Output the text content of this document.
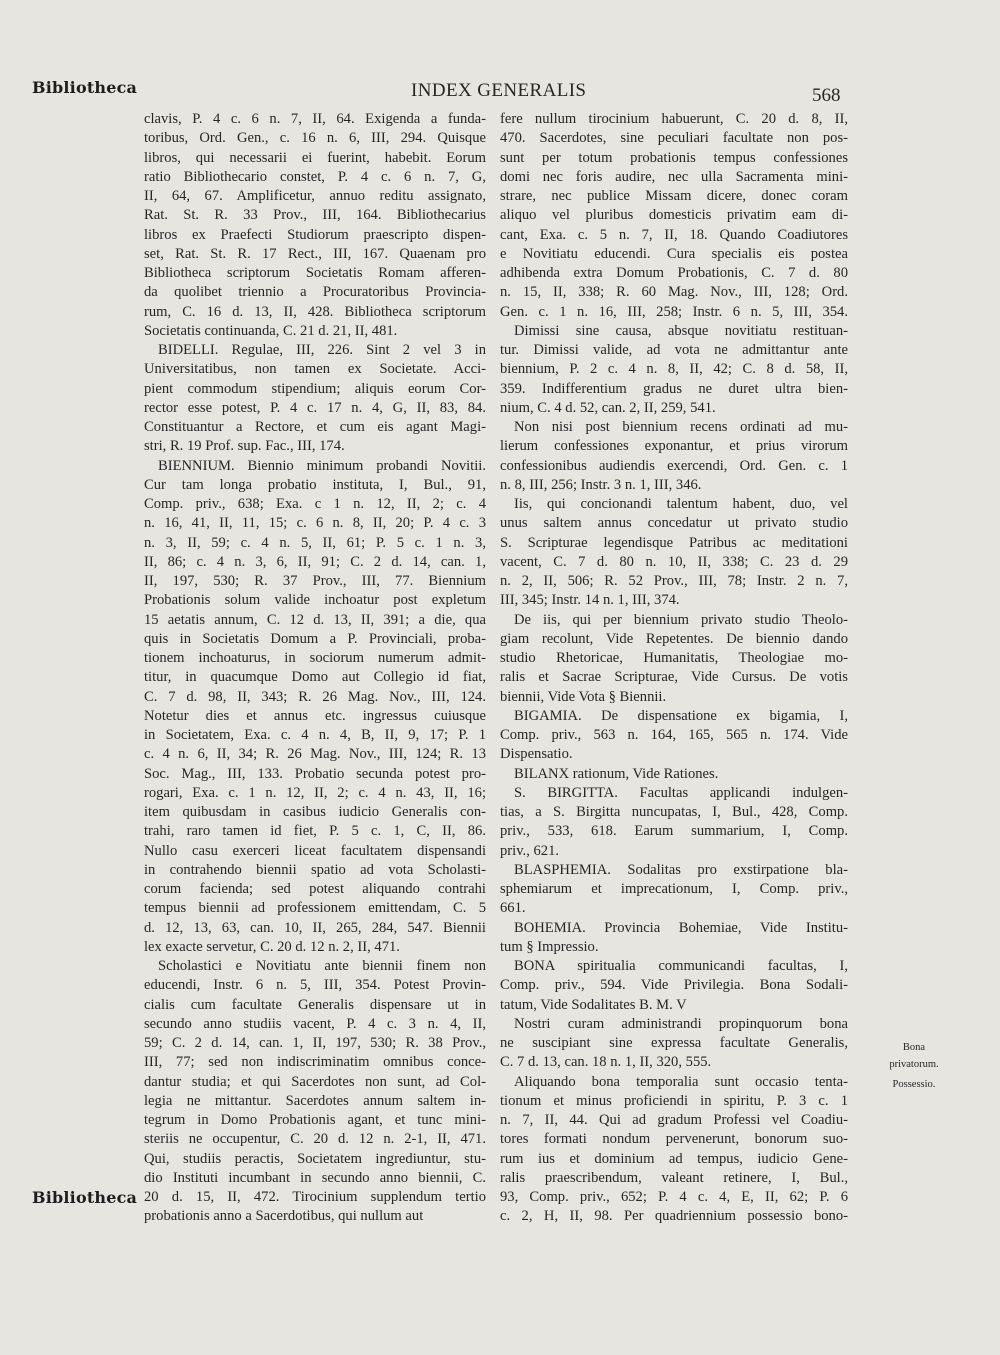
Bibliotheca	INDEX GENERALIS	568
clavis, P. 4 c. 6 n. 7, II, 64. Exigenda a funda-
toribus, Ord. Gen., c. 16 n. 6, III, 294. Quisque
libros, qui necessarii ei fuerint, habebit. Eorum
ratio Bibliothecario constet, P. 4 c. 6 n. 7, G,
II, 64, 67. Amplificetur, annuo reditu assignato,
Rat. St. R. 33 Prov., III, 164. Bibliothecarius
libros ex Praefecti Studiorum praescripto dispen-
set, Rat. St. R. 17 Rect., III, 167. Quaenam pro
Bibliotheca scriptorum Societatis Romam afferen-
da quolibet triennio a Procuratoribus Provincia-
rum, C. 16 d. 13, II, 428. Bibliotheca scriptorum
Societatis continuanda, C. 21 d. 21, II, 481.
BIDELLI. Regulae, III, 226. Sint 2 vel 3 in
Universitatibus, non tamen ex Societate. Acci-
pient commodum stipendium; aliquis eorum Cor-
rector esse potest, P. 4 c. 17 n. 4, G, II, 83, 84.
Constituantur a Rectore, et cum eis agant Magi-
stri, R. 19 Prof. sup. Fac., III, 174.
BIENNIUM. Biennio minimum probandi Novitii.
Cur tam longa probatio instituta, I, Bul., 91,
Comp. priv., 638; Exa. c 1 n. 12, II, 2; c. 4
n. 16, 41, II, 11, 15; c. 6 n. 8, II, 20; P. 4 c. 3
n. 3, II, 59; c. 4 n. 5, II, 61; P. 5 c. 1 n. 3,
II, 86; c. 4 n. 3, 6, II, 91; C. 2 d. 14, can. 1,
II, 197, 530; R. 37 Prov., III, 77. Biennium
Probationis solum valide inchoatur post expletum
15 aetatis annum, C. 12 d. 13, II, 391; a die, qua
quis in Societatis Domum a P. Provinciali, proba-
tionem inchoaturus, in sociorum numerum admit-
titur, in quacumque Domo aut Collegio id fiat,
C. 7 d. 98, II, 343; R. 26 Mag. Nov., III, 124.
Notetur dies et annus etc. ingressus cuiusque
in Societatem, Exa. c. 4 n. 4, B, II, 9, 17; P. 1
c. 4 n. 6, II, 34; R. 26 Mag. Nov., III, 124; R. 13
Soc. Mag., III, 133. Probatio secunda potest pro-
rogari, Exa. c. 1 n. 12, II, 2; c. 4 n. 43, II, 16;
item quibusdam in casibus iudicio Generalis con-
trahi, raro tamen id fiet, P. 5 c. 1, C, II, 86.
Nullo casu exerceri liceat facultatem dispensandi
in contrahendo biennii spatio ad vota Scholasti-
corum facienda; sed potest aliquando contrahi
tempus biennii ad professionem emittendam, C. 5
d. 12, 13, 63, can. 10, II, 265, 284, 547. Biennii
lex exacte servetur, C. 20 d. 12 n. 2, II, 471.
Scholastici e Novitiatu ante biennii finem non
educendi, Instr. 6 n. 5, III, 354. Potest Provin-
cialis cum facultate Generalis dispensare ut in
secundo anno studiis vacent, P. 4 c. 3 n. 4, II,
59; C. 2 d. 14, can. 1, II, 197, 530; R. 38 Prov.,
III, 77; sed non indiscriminatim omnibus conce-
dantur studia; et qui Sacerdotes non sunt, ad Col-
legia ne mittantur. Sacerdotes annum saltem in-
tegrum in Domo Probationis agant, et tunc mini-
steriis ne occupentur, C. 20 d. 12 n. 2-1, II, 471.
Qui, studiis peractis, Societatem ingrediuntur, stu-
dio Instituti incumbant in secundo anno biennii, C.
20 d. 15, II, 472. Tirocinium supplendum tertio
probationis anno a Sacerdotibus, qui nullum aut
fere nullum tirocinium habuerunt, C. 20 d. 8, II,
470. Sacerdotes, sine peculiari facultate non pos-
sunt per totum probationis tempus confessiones
domi nec foris audire, nec ulla Sacramenta mini-
strare, nec publice Missam dicere, donec coram
aliquo vel pluribus domesticis privatim eam di-
cant, Exa. c. 5 n. 7, II, 18. Quando Coadiutores
e Novitiatu educendi. Cura specialis eis postea
adhibenda extra Domum Probationis, C. 7 d. 80
n. 15, II, 338; R. 60 Mag. Nov., III, 128; Ord.
Gen. c. 1 n. 16, III, 258; Instr. 6 n. 5, III, 354.
Dimissi sine causa, absque novitiatu restituan-
tur. Dimissi valide, ad vota ne admittantur ante
biennium, P. 2 c. 4 n. 8, II, 42; C. 8 d. 58, II,
359. Indifferentium gradus ne duret ultra bien-
nium, C. 4 d. 52, can. 2, II, 259, 541.
Non nisi post biennium recens ordinati ad mu-
lierum confessiones exponantur, et prius virorum
confessionibus audiendis exercendi, Ord. Gen. c. 1
n. 8, III, 256; Instr. 3 n. 1, III, 346.
Iis, qui concionandi talentum habent, duo, vel
unus saltem annus concedatur ut privato studio
S. Scripturae legendisque Patribus ac meditationi
vacent, C. 7 d. 80 n. 10, II, 338; C. 23 d. 29
n. 2, II, 506; R. 52 Prov., III, 78; Instr. 2 n. 7,
III, 345; Instr. 14 n. 1, III, 374.
De iis, qui per biennium privato studio Theolo-
giam recolunt, Vide Repetentes. De biennio dando
studio Rhetoricae, Humanitatis, Theologiae mo-
ralis et Sacrae Scripturae, Vide Cursus. De votis
biennii, Vide Vota § Biennii.
BIGAMIA. De dispensatione ex bigamia, I,
Comp. priv., 563 n. 164, 165, 565 n. 174. Vide
Dispensatio.
BILANX rationum, Vide Rationes.
S. BIRGITTA. Facultas applicandi indulgen-
tias, a S. Birgitta nuncupatas, I, Bul., 428, Comp.
priv., 533, 618. Earum summarium, I, Comp.
priv., 621.
BLASPHEMIA. Sodalitas pro exstirpatione bla-
sphemiarum et imprecationum, I, Comp. priv.,
661.
BOHEMIA. Provincia Bohemiae, Vide Institu-
tum § Impressio.
BONA spiritualia communicandi facultas, I,
Comp. priv., 594. Vide Privilegia. Bona Sodali-
tatum, Vide Sodalitates B. M. V
Nostri curam administrandi propinquorum bona
ne suscipiant sine expressa facultate Generalis,
C. 7 d. 13, can. 18 n. 1, II, 320, 555.
Aliquando bona temporalia sunt occasio tenta-
tionum et minus proficiendi in spiritu, P. 3 c. 1
n. 7, II, 44. Qui ad gradum Professi vel Coadiu-
tores formati nondum pervenerunt, bonorum suo-
rum ius et dominium ad tempus, iudicio Gene-
ralis praescribendum, valeant retinere, I, Bul.,
93, Comp. priv., 652; P. 4 c. 4, E, II, 62; P. 6
c. 2, H, II, 98. Per quadriennium possessio bono-
Bona
privatorum.
Possessio.
Bibliotheca
